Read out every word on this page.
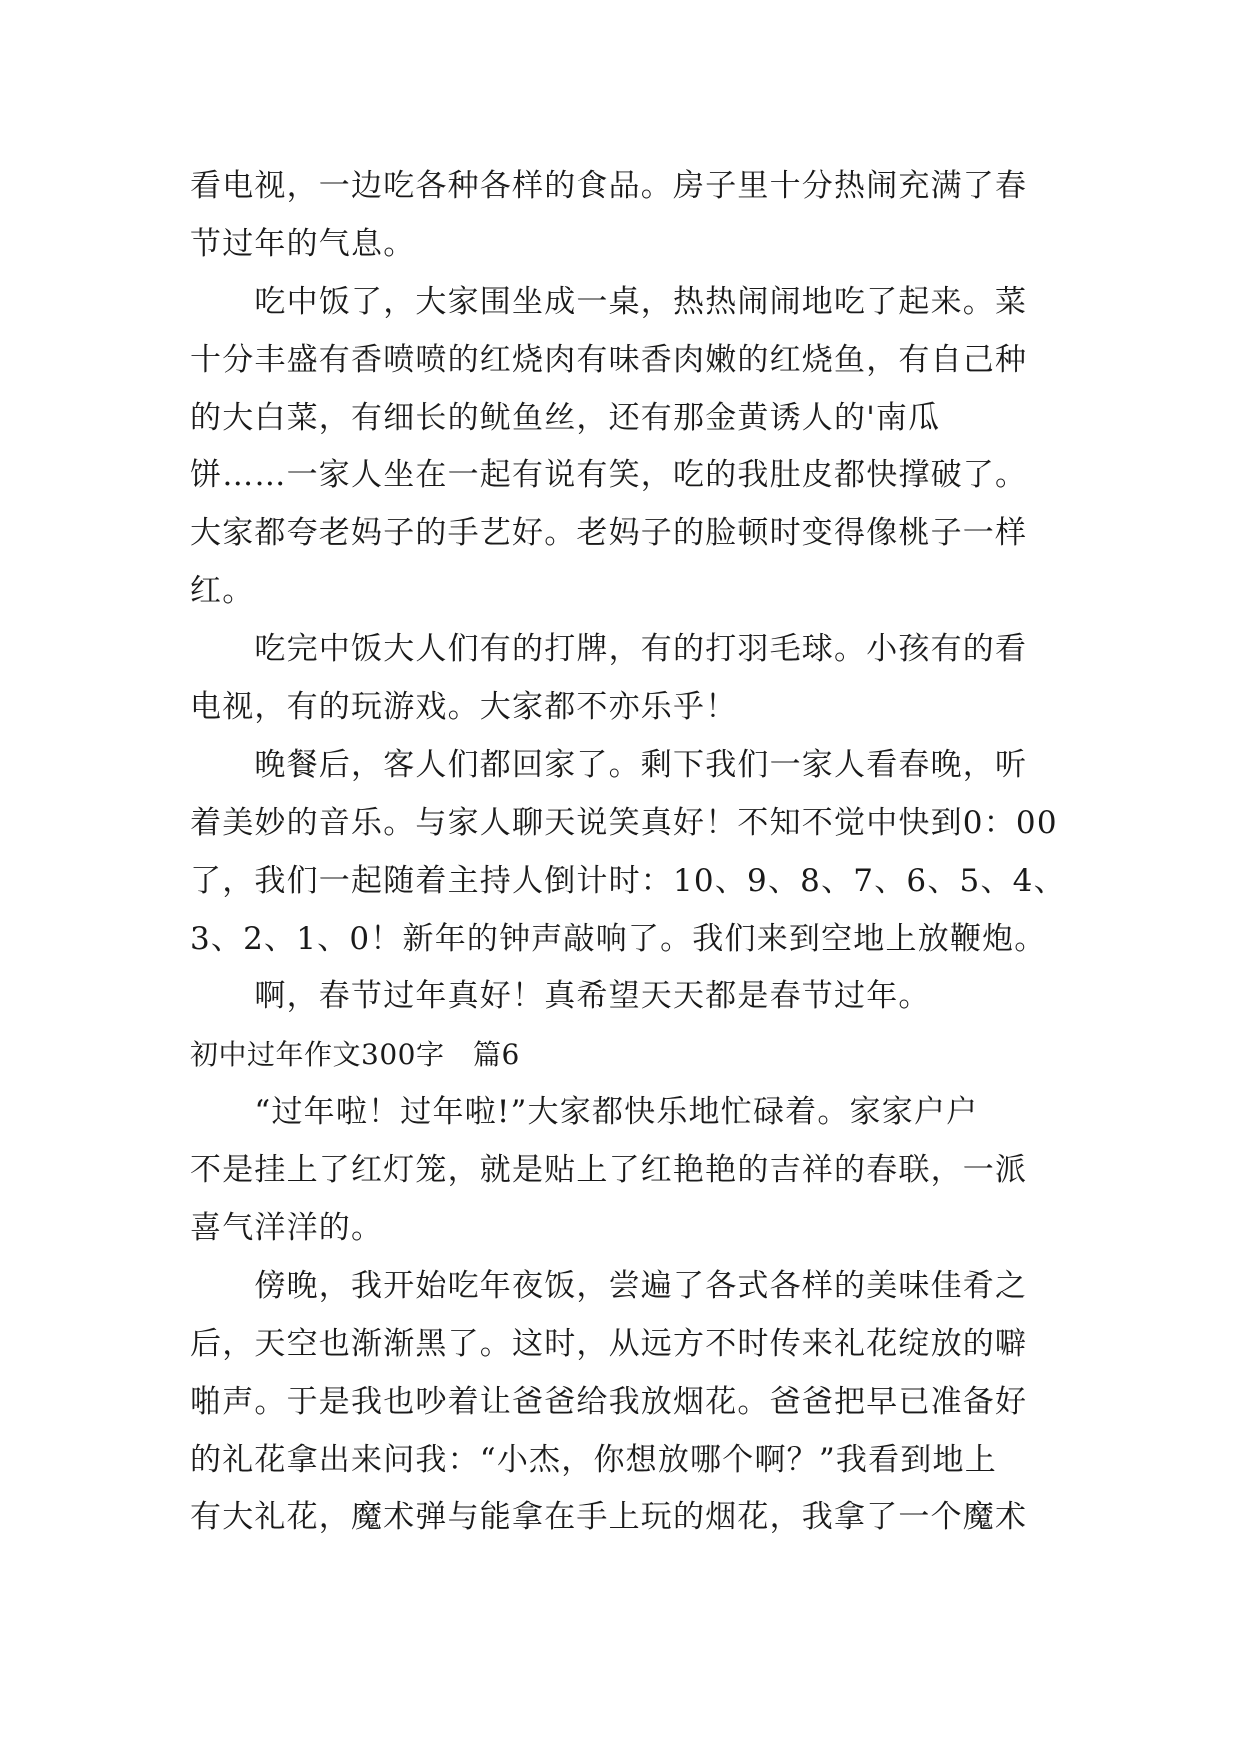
看电视，一边吃各种各样的食品。房子里十分热闹充满了春
节过年的气息。
　　吃中饭了，大家围坐成一桌，热热闹闹地吃了起来。菜
十分丰盛有香喷喷的红烧肉有味香肉嫩的红烧鱼，有自己种
的大白菜，有细长的鱿鱼丝，还有那金黄诱人的'南瓜
饼……一家人坐在一起有说有笑，吃的我肚皮都快撑破了。
大家都夸老妈子的手艺好。老妈子的脸顿时变得像桃子一样
红。
　　吃完中饭大人们有的打牌，有的打羽毛球。小孩有的看
电视，有的玩游戏。大家都不亦乐乎！
　　晚餐后，客人们都回家了。剩下我们一家人看春晚，听
着美妙的音乐。与家人聊天说笑真好！不知不觉中快到0：00
了，我们一起随着主持人倒计时：10、9、8、7、6、5、4、
3、2、1、0！新年的钟声敲响了。我们来到空地上放鞭炮。
　　啊，春节过年真好！真希望天天都是春节过年。
初中过年作文300字　篇6
　　“过年啦！过年啦!”大家都快乐地忙碌着。家家户户
不是挂上了红灯笼，就是贴上了红艳艳的吉祥的春联，一派
喜气洋洋的。
　　傍晚，我开始吃年夜饭，尝遍了各式各样的美味佳肴之
后，天空也渐渐黑了。这时，从远方不时传来礼花绽放的噼
啪声。于是我也吵着让爸爸给我放烟花。爸爸把早已准备好
的礼花拿出来问我：“小杰，你想放哪个啊？”我看到地上
有大礼花，魔术弹与能拿在手上玩的烟花，我拿了一个魔术
